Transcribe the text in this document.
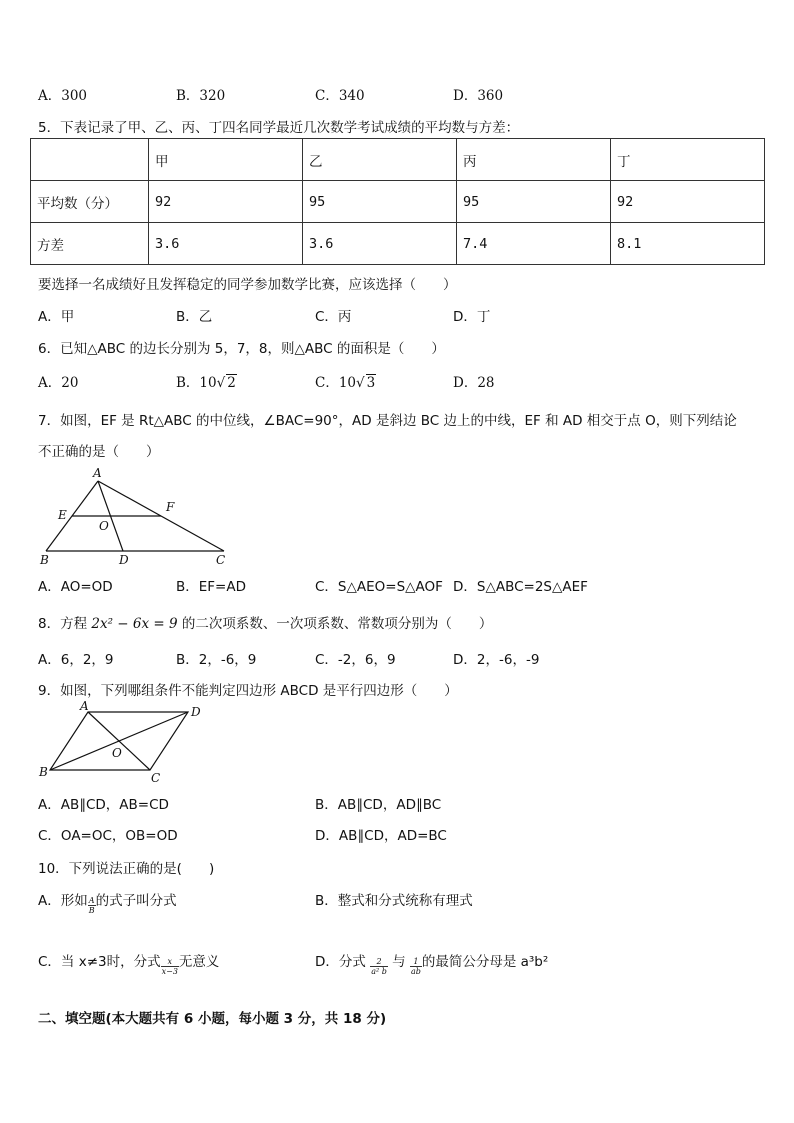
A．300	B．320	C．340	D．360
5．下表记录了甲、乙、丙、丁四名同学最近几次数学考试成绩的平均数与方差：
	甲	乙	丙	丁
平均数（分）	92	95	95	92
方差	3.6	3.6	7.4	8.1
要选择一名成绩好且发挥稳定的同学参加数学比赛，应该选择（　　）
A．甲	B．乙	C．丙	D．丁
6．已知△ABC 的边长分别为 5，7，8，则△ABC 的面积是（　　）
A．20	B．10√ 2	C．10√ 3	D．28
7．如图，EF 是 Rt△ABC 的中位线，∠BAC=90°，AD 是斜边 BC 边上的中线，EF 和 AD 相交于点 O，则下列结论
不正确的是（　　）
A
B	C
D
E
F
O
A．AO=OD	B．EF=AD	C．S△AEO=S△AOF D．S△ABC=2S△AEF
8．方程 2x² − 6x = 9 的二次项系数、一次项系数、常数项分别为（　　）
A．6，2，9	B．2，-6，9	C．-2，6，9	D．2，-6，-9
9．如图，下列哪组条件不能判定四边形 ABCD 是平行四边形（　　）
A
B	C
D
O
A．AB∥CD，AB=CD	B．AB∥CD，AD∥BC
C．OA=OC，OB=OD	D．AB∥CD，AD=BC
10．下列说法正确的是(　　)
A．形如 $\frac{A}{B}$ 的式子叫分式	B．整式和分式统称有理式
C．当 x≠3时，分式 $\frac{x}{x-3}$ 无意义	D．分式 $\frac{2}{\text{a² b}}$ 与 $\frac{1}{ab}$ 的最简公分母是 a³b²
二、填空题(本大题共有 6 小题，每小题 3 分，共 18 分)
